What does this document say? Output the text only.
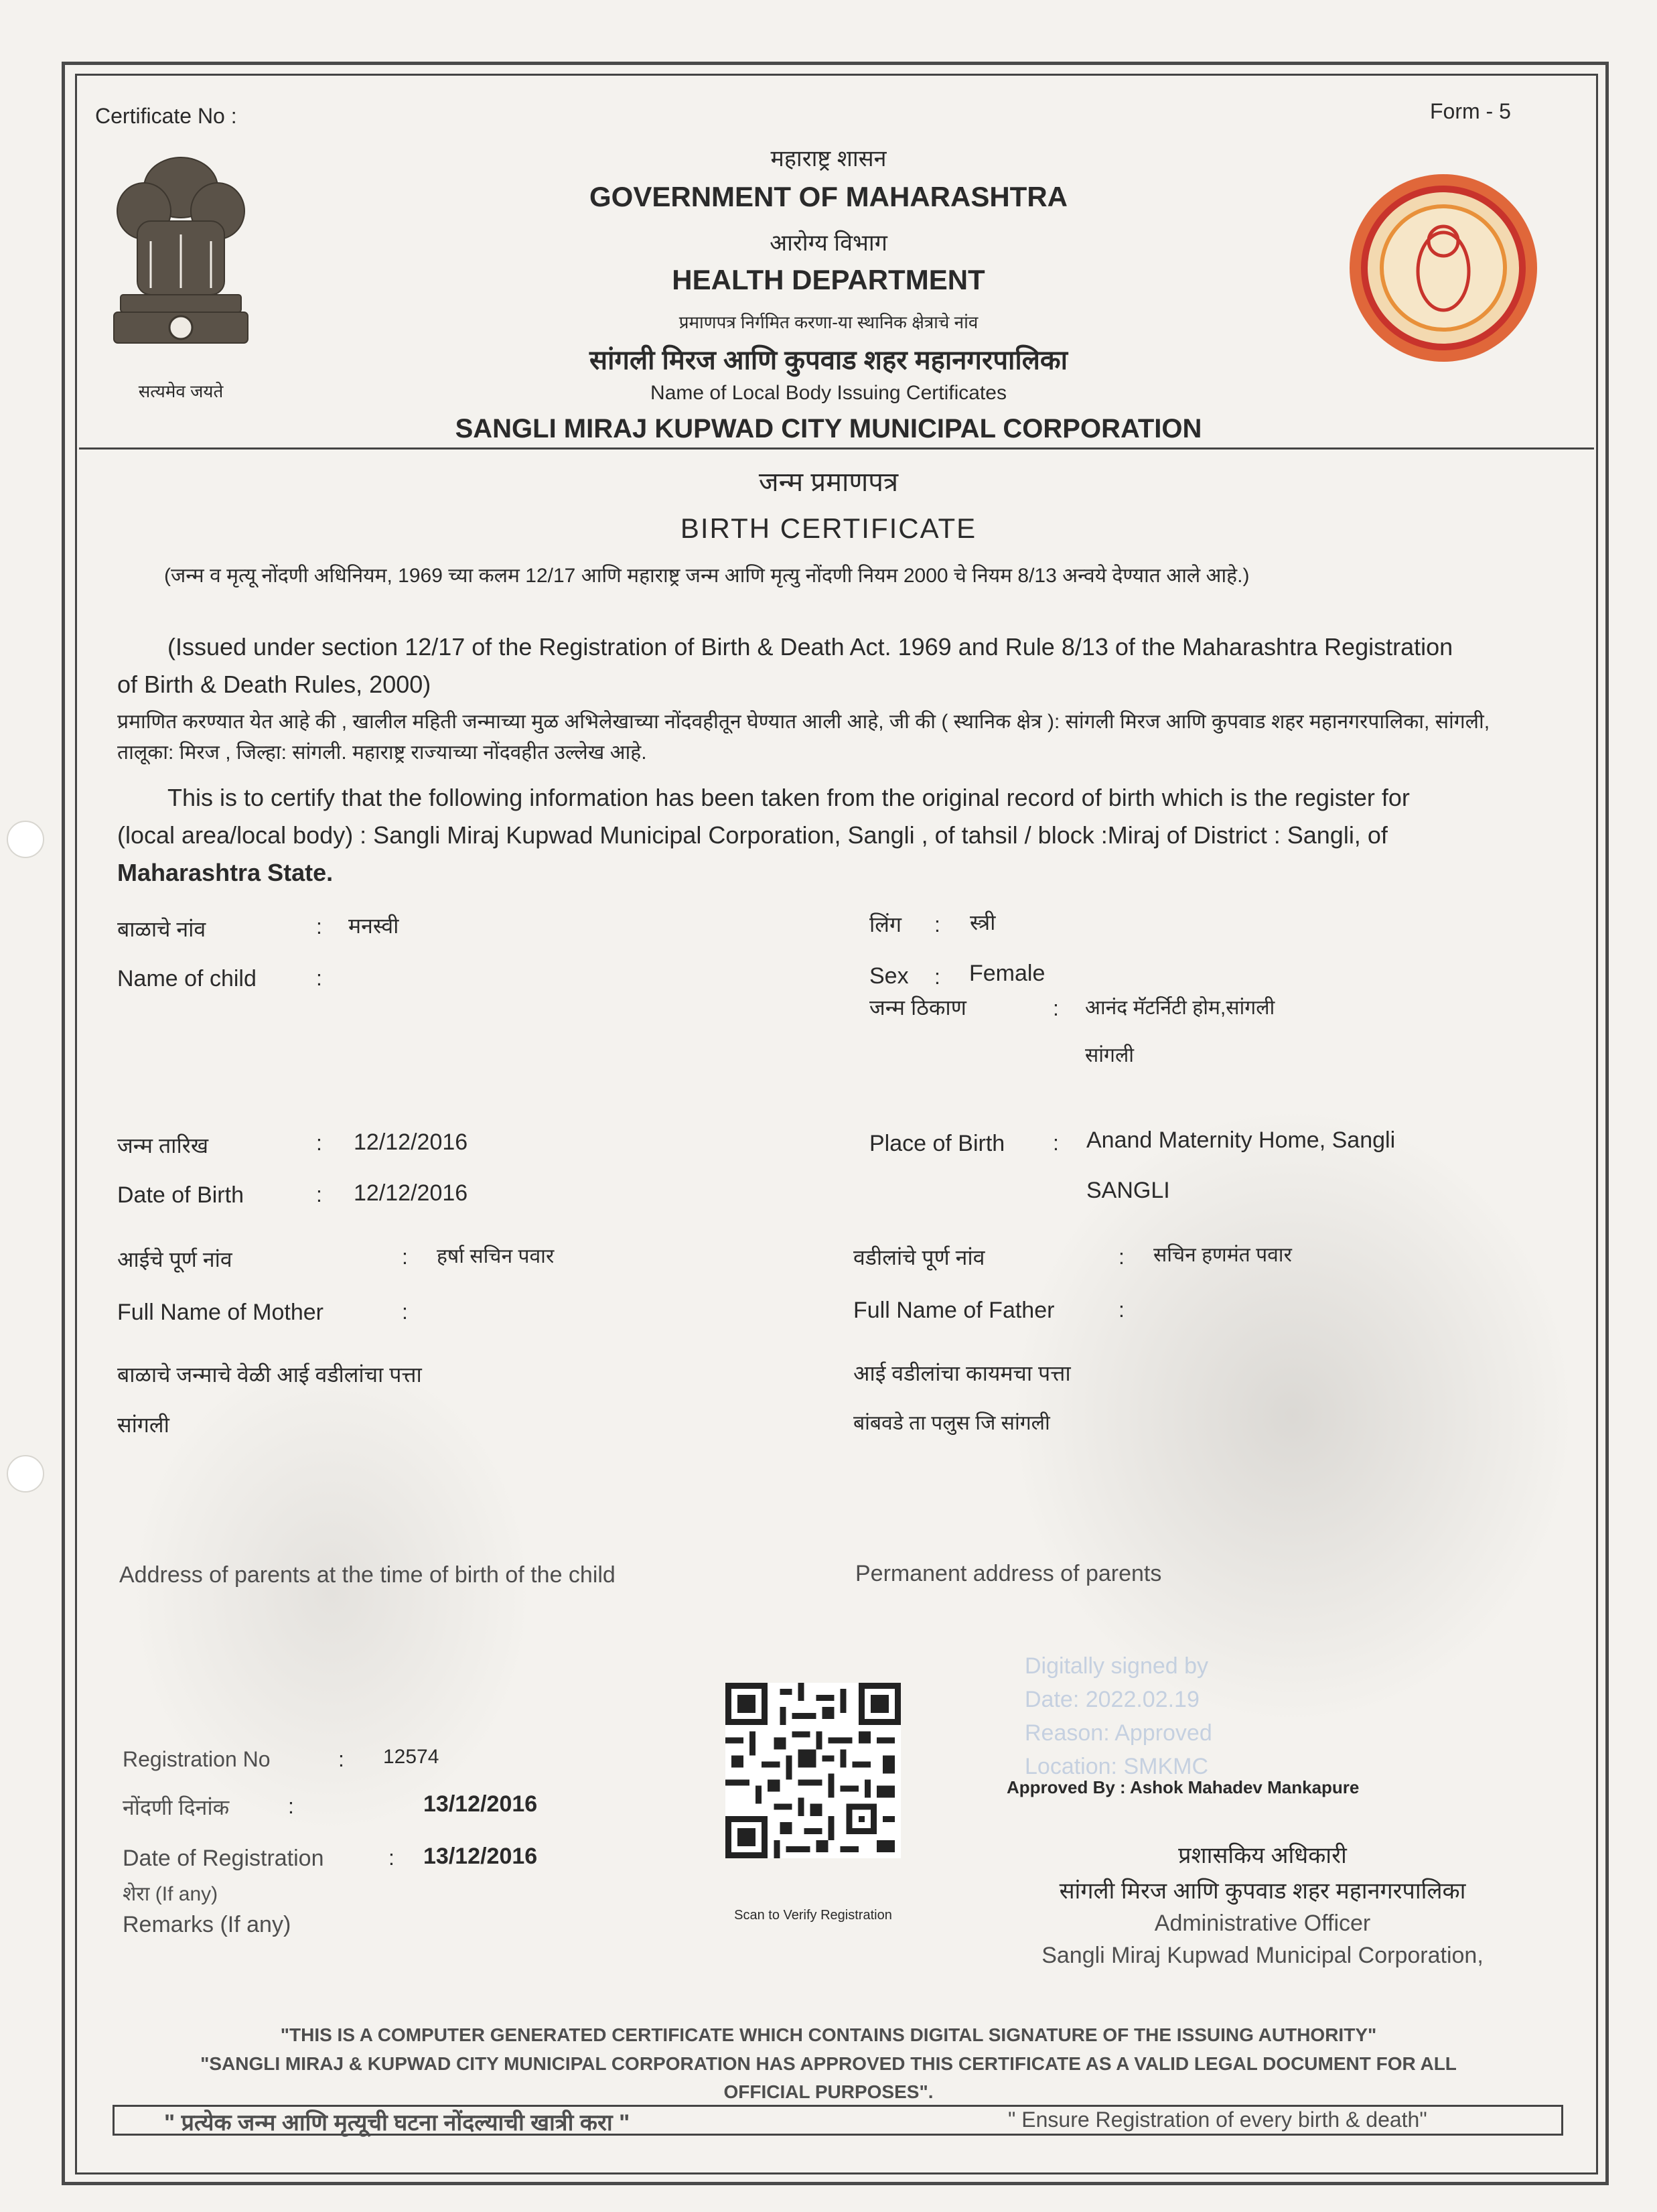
Certificate No :	Form - 5
सत्यमेव जयते
महाराष्ट्र शासन
GOVERNMENT OF MAHARASHTRA
आरोग्य विभाग
HEALTH DEPARTMENT
प्रमाणपत्र निर्गमित करणा-या स्थानिक क्षेत्राचे नांव
सांगली मिरज आणि कुपवाड शहर महानगरपालिका
Name of Local Body Issuing Certificates
SANGLI MIRAJ KUPWAD CITY MUNICIPAL CORPORATION
जन्म प्रमाणपत्र
BIRTH CERTIFICATE
(जन्म व मृत्यू नोंदणी अधिनियम, 1969 च्या कलम 12/17 आणि महाराष्ट्र जन्म आणि मृत्यु नोंदणी नियम 2000 चे नियम 8/13 अन्वये देण्यात आले आहे.)
(Issued under section 12/17 of the Registration of Birth & Death Act. 1969 and Rule 8/13 of the Maharashtra Registration of Birth & Death Rules, 2000)
प्रमाणित करण्यात येत आहे की , खालील महिती जन्माच्या मुळ अभिलेखाच्या नोंदवहीतून घेण्यात आली आहे, जी की ( स्थानिक क्षेत्र ): सांगली मिरज आणि कुपवाड शहर महानगरपालिका, सांगली, तालूका: मिरज , जिल्हा: सांगली. महाराष्ट्र राज्याच्या नोंदवहीत उल्लेख आहे.
This is to certify that the following information has been taken from the original record of birth which is the register for (local area/local body) : Sangli Miraj Kupwad Municipal Corporation, Sangli , of tahsil / block :Miraj of District : Sangli, of Maharashtra State.
बाळाचे नांव	: मनस्वी
Name of child	:
जन्म तारिख	: 12/12/2016
Date of Birth	: 12/12/2016
आईचे पूर्ण नांव	: हर्षा सचिन पवार
Full Name of Mother	:
बाळाचे जन्माचे वेळी आई वडीलांचा पत्ता
सांगली
Address of parents at the time of birth of the child
लिंग : स्त्री
Sex : Female
जन्म ठिकाण	: आनंद मॅटर्निटी होम,सांगली
सांगली
Place of Birth : Anand Maternity Home, Sangli
SANGLI
वडीलांचे पूर्ण नांव	: सचिन हणमंत पवार
Full Name of Father	:
आई वडीलांचा कायमचा पत्ता
बांबवडे ता पलुस जि सांगली
Permanent address of parents
Registration No	: 12574
नोंदणी दिनांक	:	13/12/2016
Date of Registration	: 13/12/2016
शेरा (If any)
Remarks (If any)	Scan to Verify Registration
Digitally signed by
Date: 2022.02.19
Reason: Approved
Location: SMKMC
Approved By : Ashok Mahadev Mankapure
प्रशासकिय अधिकारी
सांगली मिरज आणि कुपवाड शहर महानगरपालिका
Administrative Officer
Sangli Miraj Kupwad Municipal Corporation,
"THIS IS A COMPUTER GENERATED CERTIFICATE WHICH CONTAINS DIGITAL SIGNATURE OF THE ISSUING AUTHORITY"
"SANGLI MIRAJ & KUPWAD CITY MUNICIPAL CORPORATION HAS APPROVED THIS CERTIFICATE AS A VALID LEGAL DOCUMENT FOR ALL
OFFICIAL PURPOSES".
" प्रत्येक जन्म आणि मृत्यूची घटना नोंदल्याची खात्री करा "	" Ensure Registration of every birth & death"
